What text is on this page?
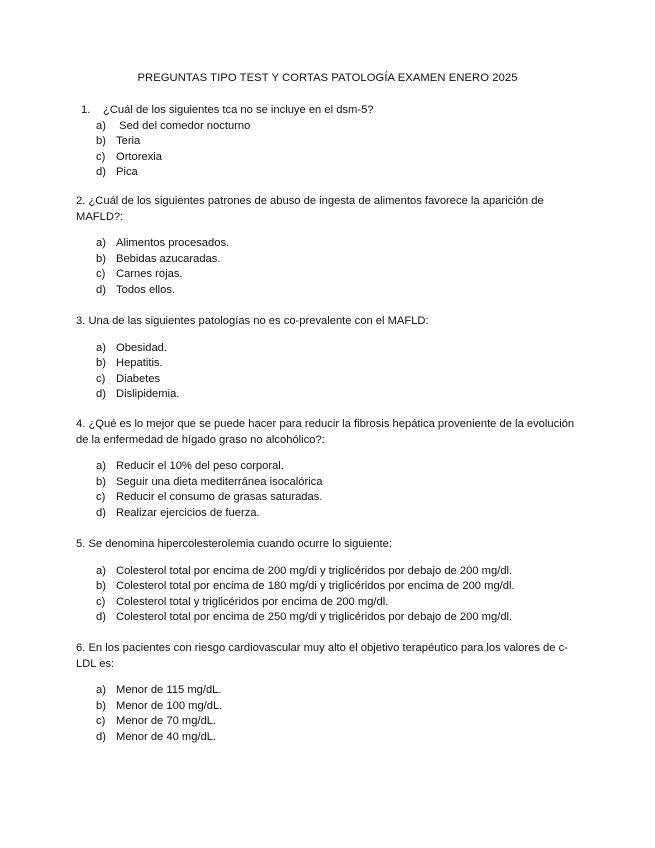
PREGUNTAS TIPO TEST Y CORTAS PATOLOGÍA EXAMEN ENERO 2025
1. ¿Cuál de los siguientes tca no se incluye en el dsm-5?
a) Sed del comedor nocturno
b) Teria
c) Ortorexia
d) Pica
2. ¿Cuál de los siguientes patrones de abuso de ingesta de alimentos favorece la aparición de MAFLD?:
a) Alimentos procesados.
b) Bebidas azucaradas.
c) Carnes rojas.
d) Todos ellos.
3. Una de las siguientes patologías no es co-prevalente con el MAFLD:
a) Obesidad.
b) Hepatitis.
c) Diabetes
d) Dislipidemia.
4. ¿Qué es lo mejor que se puede hacer para reducir la fibrosis hepática proveniente de la evolución de la enfermedad de hígado graso no alcohólico?:
a) Reducir el 10% del peso corporal.
b) Seguir una dieta mediterránea isocalórica
c) Reducir el consumo de grasas saturadas.
d) Realizar ejercicios de fuerza.
5. Se denomina hipercolesterolemia cuando ocurre lo siguiente:
a) Colesterol total por encima de 200 mg/di y triglicéridos por debajo de 200 mg/dl.
b) Colesterol total por encima de 180 mg/di y triglicéridos por encima de 200 mg/dl.
c) Colesterol total y triglicéridos por encima de 200 mg/dl.
d) Colesterol total por encima de 250 mg/di y triglicéridos por debajo de 200 mg/dl.
6. En los pacientes con riesgo cardiovascular muy alto el objetivo terapéutico para los valores de c-LDL es:
a) Menor de 115 mg/dL.
b) Menor de 100 mg/dL.
c) Menor de 70 mg/dL.
d) Menor de 40 mg/dL.
